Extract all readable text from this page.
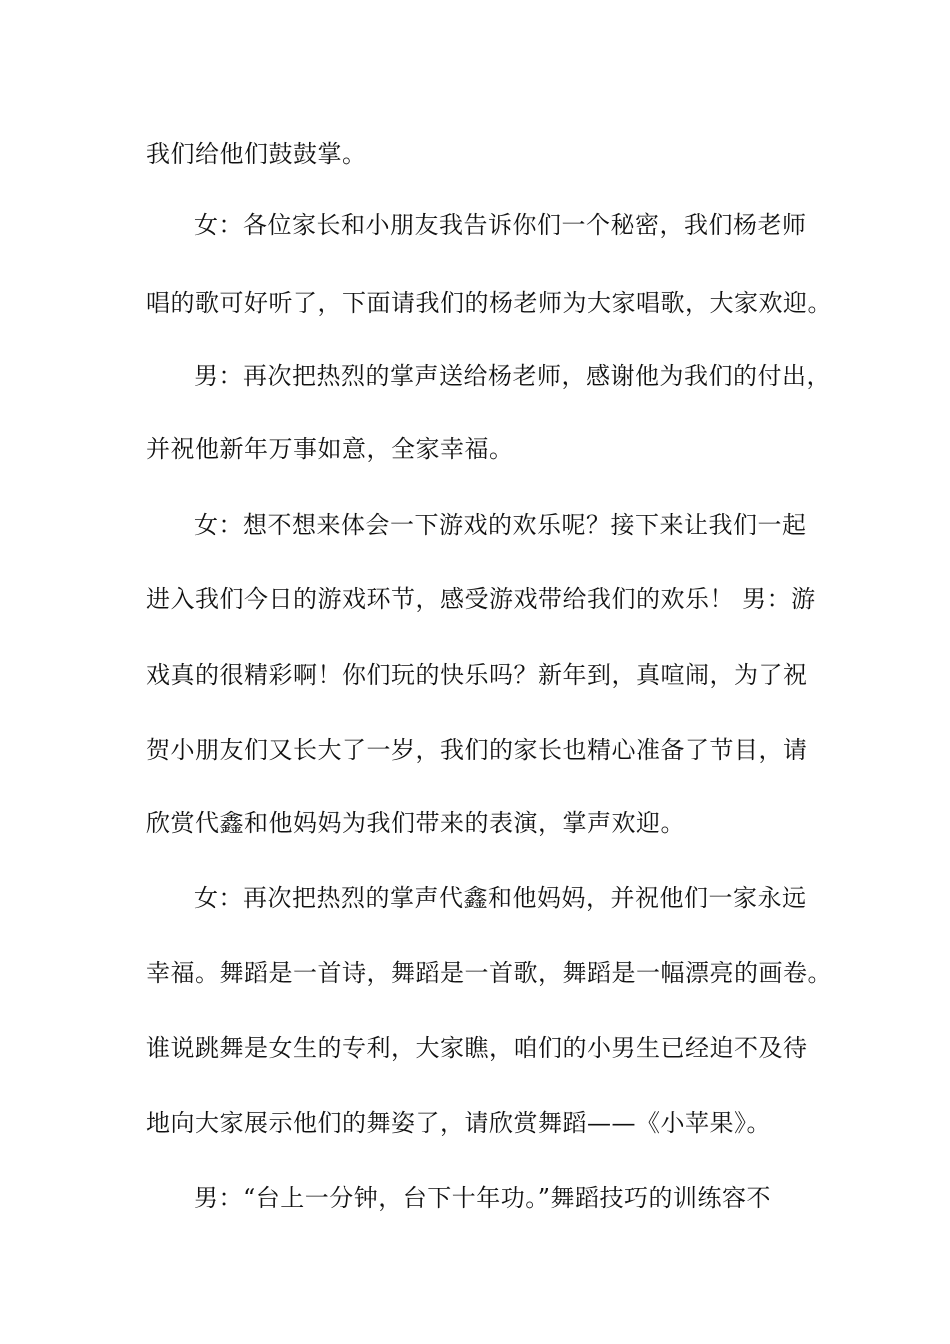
我们给他们鼓鼓掌。
女：各位家长和小朋友我告诉你们一个秘密，我们杨老师
唱的歌可好听了，下面请我们的杨老师为大家唱歌，大家欢迎。
男：再次把热烈的掌声送给杨老师，感谢他为我们的付出，
并祝他新年万事如意，全家幸福。
女：想不想来体会一下游戏的欢乐呢？接下来让我们一起
进入我们今日的游戏环节，感受游戏带给我们的欢乐！ 男：游
戏真的很精彩啊！你们玩的快乐吗？新年到，真喧闹，为了祝
贺小朋友们又长大了一岁，我们的家长也精心准备了节目，请
欣赏代鑫和他妈妈为我们带来的表演，掌声欢迎。
女：再次把热烈的掌声代鑫和他妈妈，并祝他们一家永远
幸福。舞蹈是一首诗，舞蹈是一首歌，舞蹈是一幅漂亮的画卷。
谁说跳舞是女生的专利，大家瞧，咱们的小男生已经迫不及待
地向大家展示他们的舞姿了，请欣赏舞蹈——《小苹果》。
男：“台上一分钟，台下十年功。”舞蹈技巧的训练容不
